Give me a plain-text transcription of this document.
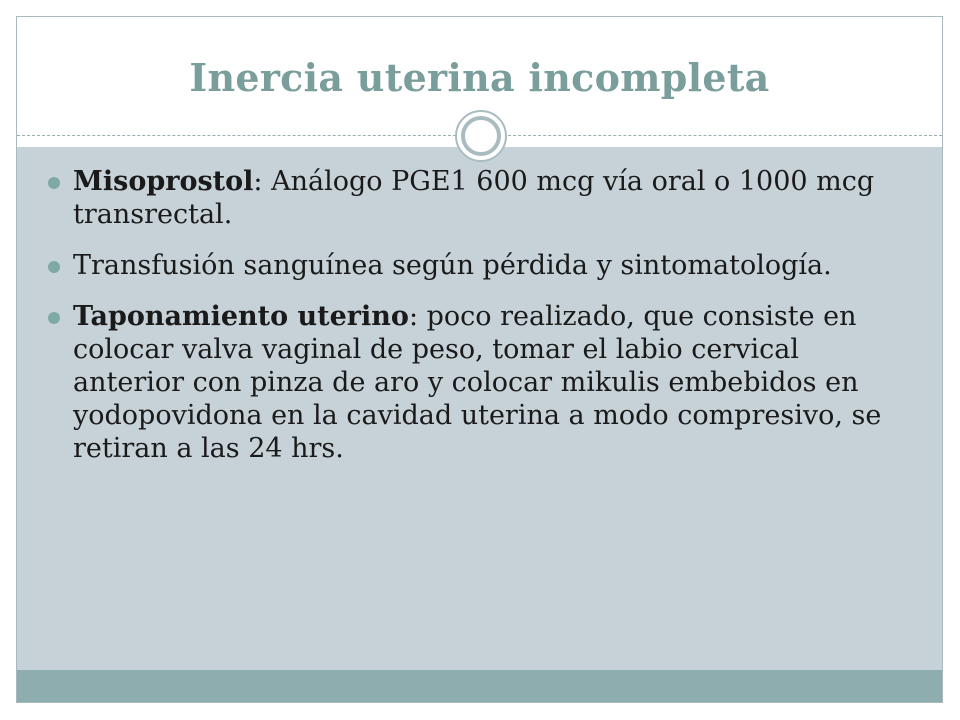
Inercia uterina incompleta
Misoprostol: Análogo PGE1 600 mcg vía oral o 1000 mcg transrectal.
Transfusión sanguínea según pérdida y sintomatología.
Taponamiento uterino: poco realizado, que consiste en colocar valva vaginal de peso, tomar el labio cervical anterior con pinza de aro y colocar mikulis embebidos en yodopovidona en la cavidad uterina a modo compresivo, se retiran a las 24 hrs.
